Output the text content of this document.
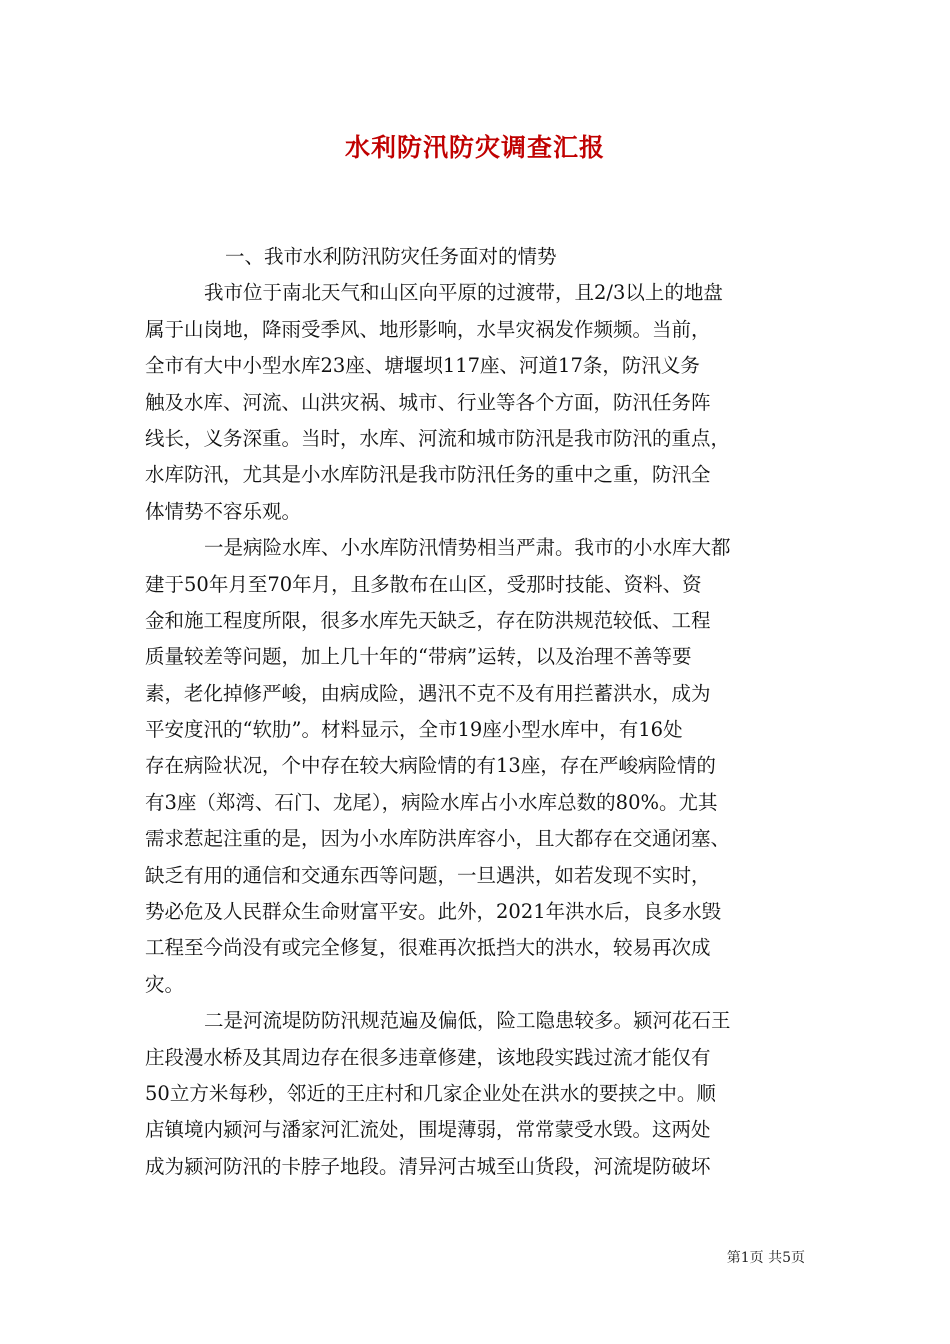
水利防汛防灾调查汇报
一、我市水利防汛防灾任务面对的情势
我市位于南北天气和山区向平原的过渡带，且2/3以上的地盘
属于山岗地，降雨受季风、地形影响，水旱灾祸发作频频。当前，
全市有大中小型水库23座、塘堰坝117座、河道17条，防汛义务
触及水库、河流、山洪灾祸、城市、行业等各个方面，防汛任务阵
线长，义务深重。当时，水库、河流和城市防汛是我市防汛的重点，
水库防汛，尤其是小水库防汛是我市防汛任务的重中之重，防汛全
体情势不容乐观。
一是病险水库、小水库防汛情势相当严肃。我市的小水库大都
建于50年月至70年月，且多散布在山区，受那时技能、资料、资
金和施工程度所限，很多水库先天缺乏，存在防洪规范较低、工程
质量较差等问题，加上几十年的“带病”运转，以及治理不善等要
素，老化掉修严峻，由病成险，遇汛不克不及有用拦蓄洪水，成为
平安度汛的“软肋”。材料显示，全市19座小型水库中，有16处
存在病险状况，个中存在较大病险情的有13座，存在严峻病险情的
有3座（郑湾、石门、龙尾），病险水库占小水库总数的80%。尤其
需求惹起注重的是，因为小水库防洪库容小，且大都存在交通闭塞、
缺乏有用的通信和交通东西等问题，一旦遇洪，如若发现不实时，
势必危及人民群众生命财富平安。此外，2021年洪水后，良多水毁
工程至今尚没有或完全修复，很难再次抵挡大的洪水，较易再次成
灾。
二是河流堤防防汛规范遍及偏低，险工隐患较多。颍河花石王
庄段漫水桥及其周边存在很多违章修建，该地段实践过流才能仅有
50立方米每秒，邻近的王庄村和几家企业处在洪水的要挟之中。顺
店镇境内颍河与潘家河汇流处，围堤薄弱，常常蒙受水毁。这两处
成为颍河防汛的卡脖子地段。清异河古城至山货段，河流堤防破坏
第1页 共5页
